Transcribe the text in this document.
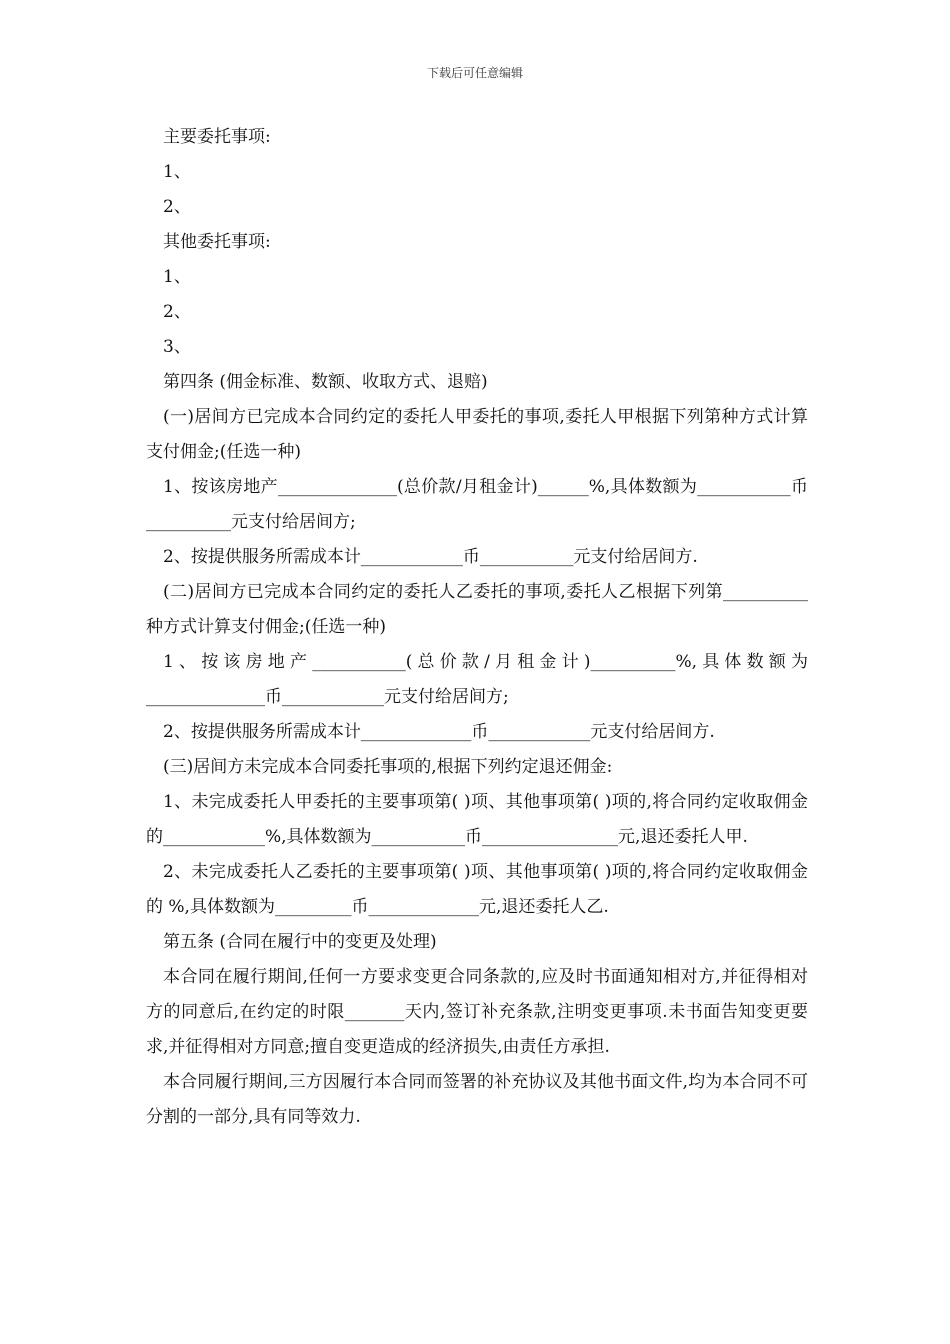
下载后可任意编辑

主要委托事项:

1、

2、

其他委托事项:

1、

2、

3、

第四条 (佣金标准、数额、收取方式、退赔)

(一)居间方已完成本合同约定的委托人甲委托的事项,委托人甲根据下列第种方式计算支付佣金;(任选一种)

1、按该房地产______________(总价款/月租金计)______%,具体数额为___________币__________元支付给居间方;

2、按提供服务所需成本计____________币___________元支付给居间方.

(二)居间方已完成本合同约定的委托人乙委托的事项,委托人乙根据下列第__________种方式计算支付佣金;(任选一种)

1、按该房地产___________(总价款/月租金计)__________%,具体数额为______________币____________元支付给居间方;

2、按提供服务所需成本计_____________币____________元支付给居间方.

(三)居间方未完成本合同委托事项的,根据下列约定退还佣金:

1、未完成委托人甲委托的主要事项第( )项、其他事项第( )项的,将合同约定收取佣金的____________%,具体数额为___________币________________元,退还委托人甲.

2、未完成委托人乙委托的主要事项第( )项、其他事项第( )项的,将合同约定收取佣金的 %,具体数额为_________币_____________元,退还委托人乙.

第五条 (合同在履行中的变更及处理)

本合同在履行期间,任何一方要求变更合同条款的,应及时书面通知相对方,并征得相对方的同意后,在约定的时限_______天内,签订补充条款,注明变更事项.未书面告知变更要求,并征得相对方同意;擅自变更造成的经济损失,由责任方承担.

本合同履行期间,三方因履行本合同而签署的补充协议及其他书面文件,均为本合同不可分割的一部分,具有同等效力.
